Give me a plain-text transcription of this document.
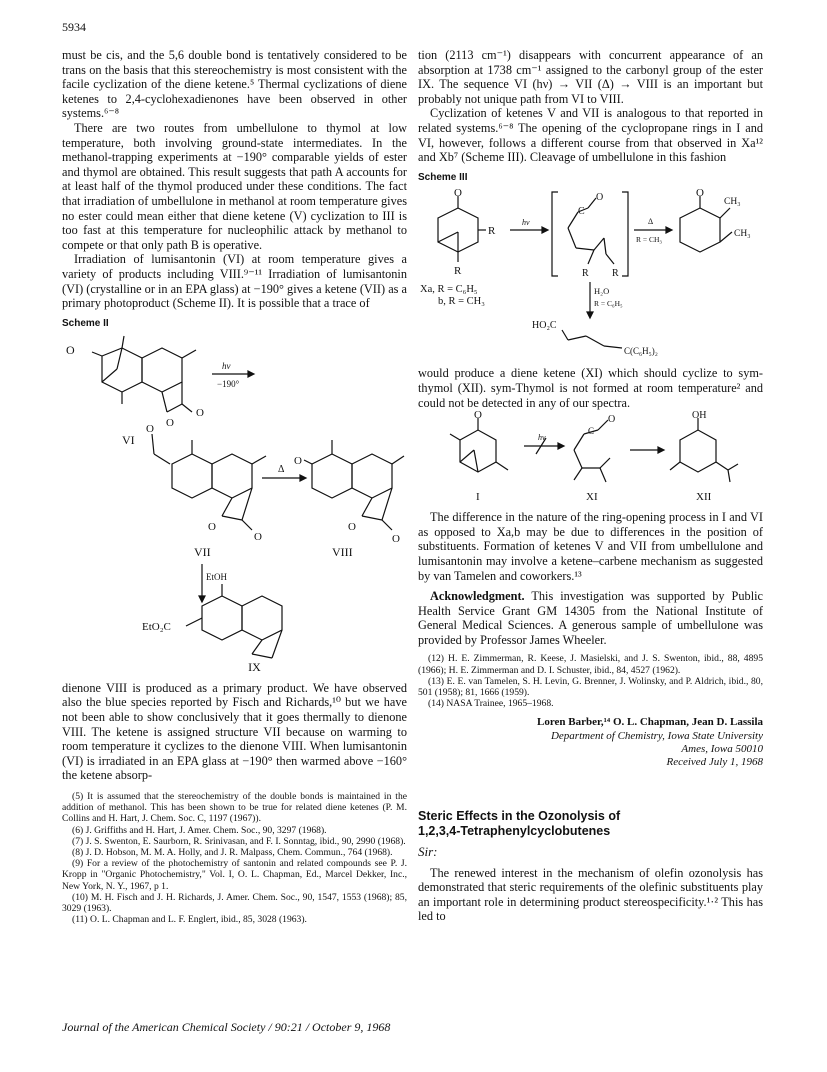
5934

must be cis, and the 5,6 double bond is tentatively considered to be trans on the basis that this stereochemistry is most consistent with the facile cyclization of the diene ketene.⁵ Thermal cyclizations of diene ketenes to 2,4-cyclohexadienones have been observed in other systems.⁶⁻⁸

There are two routes from umbellulone to thymol at low temperature, both involving ground-state intermediates. In the methanol-trapping experiments at −190° comparable yields of ester and thymol are obtained. This result suggests that path A accounts for at least half of the thymol produced under these conditions. The fact that irradiation of umbellulone in methanol at room temperature gives no ester could mean either that diene ketene (V) cyclization to III is too fast at this temperature for nucleophilic attack by methanol to compete or that only path B is operative.

Irradiation of lumisantonin (VI) at room temperature gives a variety of products including VIII.⁹⁻¹¹ Irradiation of lumisantonin (VI) (crystalline or in an EPA glass) at −190° gives a ketene (VII) as a primary photoproduct (Scheme II). It is possible that a trace of

Scheme II
O
O
O
VI
hν
−190°
O
O
O
VII
Δ
O
O
O
VIII
EtOH
EtO₂C
IX

dienone VIII is produced as a primary product. We have observed also the blue species reported by Fisch and Richards,¹⁰ but we have not been able to show conclusively that it goes thermally to dienone VIII. The ketene is assigned structure VII because on warming to room temperature it cyclizes to the dienone VIII. When lumisantonin (VI) is irradiated in an EPA glass at −190° then warmed above −160° the ketene absorp-

(5) It is assumed that the stereochemistry of the double bonds is maintained in the addition of methanol. This has been shown to be true for related diene ketenes (P. M. Collins and H. Hart, J. Chem. Soc. C, 1197 (1967)).

(6) J. Griffiths and H. Hart, J. Amer. Chem. Soc., 90, 3297 (1968).

(7) J. S. Swenton, E. Saurborn, R. Srinivasan, and F. I. Sonntag, ibid., 90, 2990 (1968).

(8) J. D. Hobson, M. M. A. Holly, and J. R. Malpass, Chem. Commun., 764 (1968).

(9) For a review of the photochemistry of santonin and related compounds see P. J. Kropp in "Organic Photochemistry," Vol. I, O. L. Chapman, Ed., Marcel Dekker, Inc., New York, N. Y., 1967, p 1.

(10) M. H. Fisch and J. H. Richards, J. Amer. Chem. Soc., 90, 1547, 1553 (1968); 85, 3029 (1963).

(11) O. L. Chapman and L. F. Englert, ibid., 85, 3028 (1963).

tion (2113 cm⁻¹) disappears with concurrent appearance of an absorption at 1738 cm⁻¹ assigned to the carbonyl group of the ester IX. The sequence VI (hν) → VII (Δ) → VIII is an important but probably not unique path from VI to VIII.

Cyclization of ketenes V and VII is analogous to that reported in related systems.⁶⁻⁸ The opening of the cyclopropane rings in I and VI, however, follows a different course from that observed in Xa¹² and Xb⁷ (Scheme III). Cleavage of umbellulone in this fashion

Scheme III
O
R
R
Xa, R = C₆H₅
b, R = CH₃
hν
C
O
R R
Δ
R = CH₃
O
CH₃
CH₃
H₂O
R = C₆H₅
HO₂C
C(C₆H₅)₂

would produce a diene ketene (XI) which should cyclize to sym-thymol (XII). sym-Thymol is not formed at room temperature² and could not be detected in any of our spectra.

O
I
hν
C
O
XI
OH
XII

The difference in the nature of the ring-opening process in I and VI as opposed to Xa,b may be due to differences in the position of substituents. Formation of ketenes V and VII from umbellulone and lumisantonin may involve a ketene–carbene mechanism as suggested by van Tamelen and coworkers.¹³

Acknowledgment. This investigation was supported by Public Health Service Grant GM 14305 from the National Institute of General Medical Sciences. A generous sample of umbellulone was provided by Professor James Wheeler.

(12) H. E. Zimmerman, R. Keese, J. Masielski, and J. S. Swenton, ibid., 88, 4895 (1966); H. E. Zimmerman and D. I. Schuster, ibid., 84, 4527 (1962).

(13) E. E. van Tamelen, S. H. Levin, G. Brenner, J. Wolinsky, and P. Aldrich, ibid., 80, 501 (1958); 81, 1666 (1959).

(14) NASA Trainee, 1965–1968.

Loren Barber,¹⁴ O. L. Chapman, Jean D. Lassila
Department of Chemistry, Iowa State University
Ames, Iowa 50010
Received July 1, 1968
Steric Effects in the Ozonolysis of
1,2,3,4-Tetraphenylcyclobutenes
Sir:

The renewed interest in the mechanism of olefin ozonolysis has demonstrated that steric requirements of the olefinic substituents play an important role in determining product stereospecificity.¹·² This has led to

Journal of the American Chemical Society / 90:21 / October 9, 1968
